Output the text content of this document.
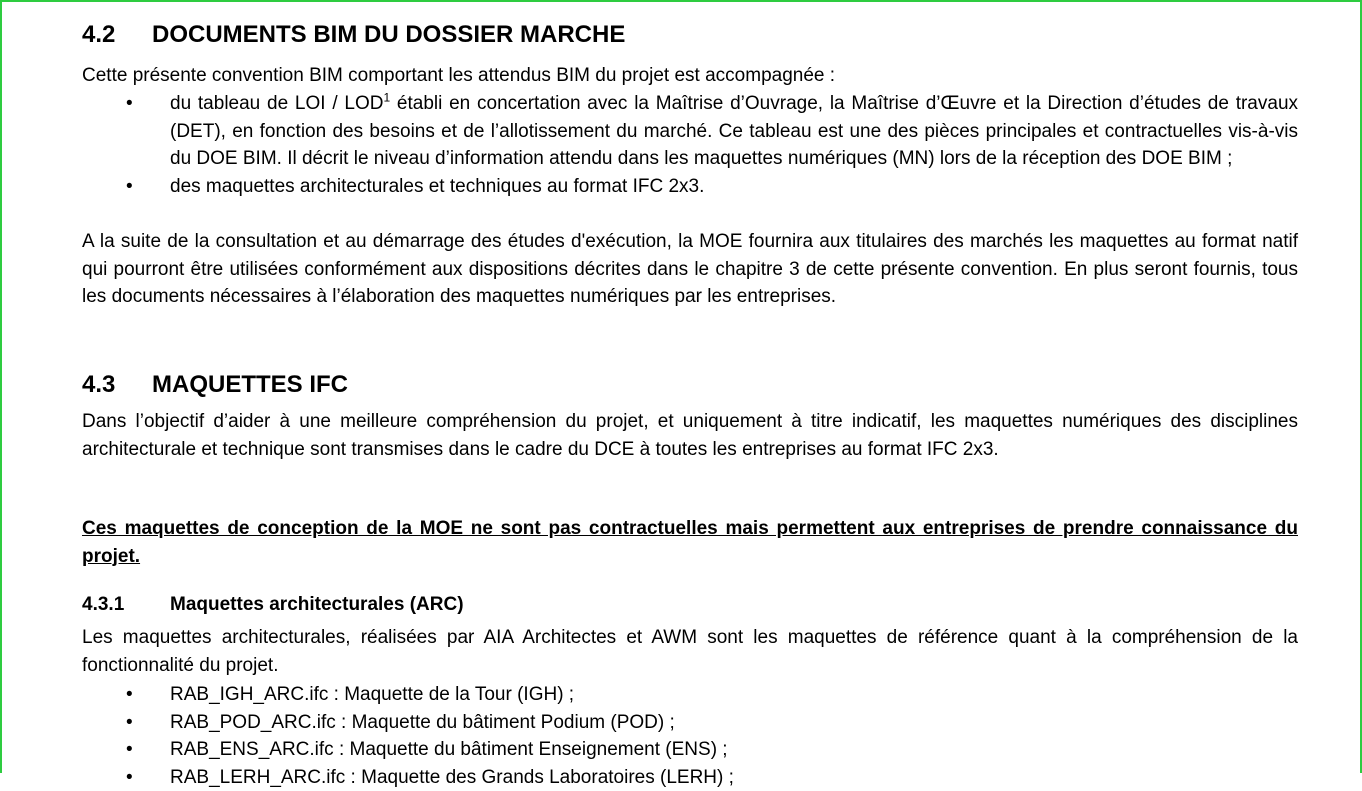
4.2 DOCUMENTS BIM DU DOSSIER MARCHE

Cette présente convention BIM comportant les attendus BIM du projet est accompagnée :

• du tableau de LOI / LOD$^1$ établi en concertation avec la Maîtrise d’Ouvrage, la Maîtrise d’Œuvre et la Direction d’études de travaux (DET), en fonction des besoins et de l’allotissement du marché. Ce tableau est une des pièces principales et contractuelles vis-à-vis du DOE BIM. Il décrit le niveau d’information attendu dans les maquettes numériques (MN) lors de la réception des DOE BIM ;
• des maquettes architecturales et techniques au format IFC 2x3.

A la suite de la consultation et au démarrage des études d'exécution, la MOE fournira aux titulaires des marchés les maquettes au format natif qui pourront être utilisées conformément aux dispositions décrites dans le chapitre 3 de cette présente convention. En plus seront fournis, tous les documents nécessaires à l’élaboration des maquettes numériques par les entreprises.

4.3 MAQUETTES IFC

Dans l’objectif d’aider à une meilleure compréhension du projet, et uniquement à titre indicatif, les maquettes numériques des disciplines architecturale et technique sont transmises dans le cadre du DCE à toutes les entreprises au format IFC 2x3.

Ces maquettes de conception de la MOE ne sont pas contractuelles mais permettent aux entreprises de prendre connaissance du projet.

4.3.1 Maquettes architecturales (ARC)

Les maquettes architecturales, réalisées par AIA Architectes et AWM sont les maquettes de référence quant à la compréhension de la fonctionnalité du projet.

• RAB_IGH_ARC.ifc : Maquette de la Tour (IGH) ;
• RAB_POD_ARC.ifc : Maquette du bâtiment Podium (POD) ;
• RAB_ENS_ARC.ifc : Maquette du bâtiment Enseignement (ENS) ;
• RAB_LERH_ARC.ifc : Maquette des Grands Laboratoires (LERH) ;
